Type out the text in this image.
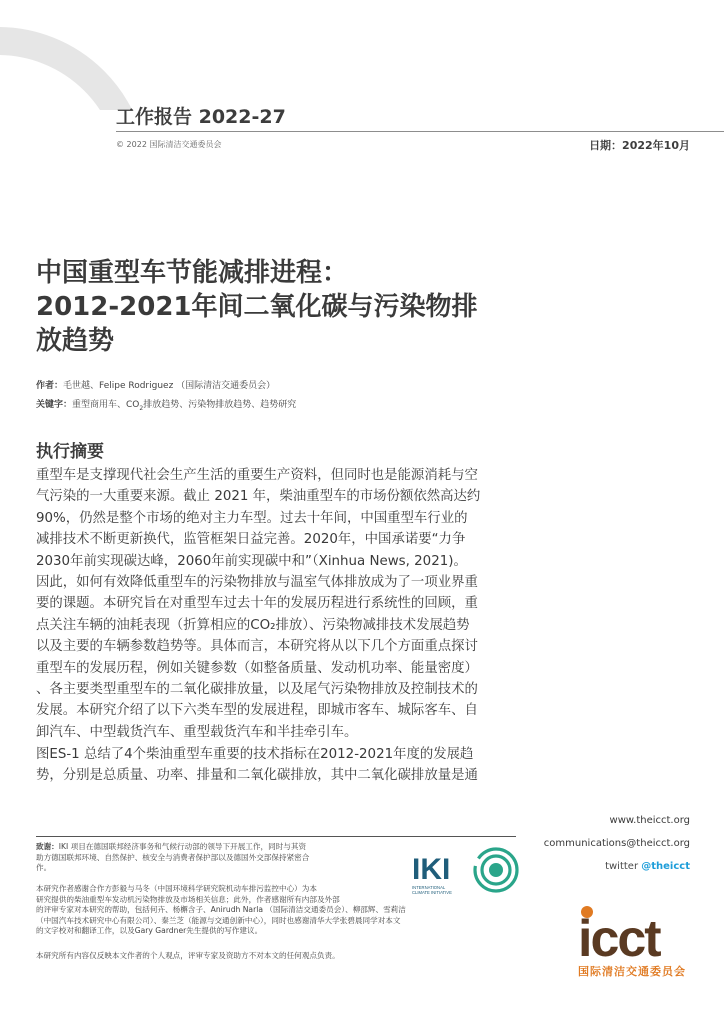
工作报告 2022-27
© 2022 国际清洁交通委员会	日期：2022年10月
中国重型车节能减排进程：
2012-2021年间二氧化碳与污染物排
放趋势
作者：毛世越、Felipe Rodriguez （国际清洁交通委员会）
关键字：重型商用车、$CO_2$排放趋势、污染物排放趋势、趋势研究
执行摘要
重型车是支撑现代社会生产生活的重要生产资料，但同时也是能源消耗与空
气污染的一大重要来源。截止 2021 年，柴油重型车的市场份额依然高达约
90%，仍然是整个市场的绝对主力车型。过去十年间，中国重型车行业的
减排技术不断更新换代，监管框架日益完善。2020年，中国承诺要“力争
2030年前实现碳达峰，2060年前实现碳中和”（Xinhua News, 2021)。
因此，如何有效降低重型车的污染物排放与温室气体排放成为了一项业界重
要的课题。本研究旨在对重型车过去十年的发展历程进行系统性的回顾，重
点关注车辆的油耗表现（折算相应的CO₂排放）、污染物减排技术发展趋势
以及主要的车辆参数趋势等。具体而言，本研究将从以下几个方面重点探讨
重型车的发展历程，例如关键参数（如整备质量、发动机功率、能量密度）
、各主要类型重型车的二氧化碳排放量，以及尾气污染物排放及控制技术的
发展。本研究介绍了以下六类车型的发展进程，即城市客车、城际客车、自
卸汽车、中型载货汽车、重型载货汽车和半挂牵引车。
图ES-1 总结了4个柴油重型车重要的技术指标在2012-2021年度的发展趋
势，分别是总质量、功率、排量和二氧化碳排放，其中二氧化碳排放量是通
www.theicct.org
communications@theicct.org
twitter @theicct
致谢：IKI 项目在德国联邦经济事务和气候行动部的领导下开展工作，同时与其资
助方德国联邦环境、自然保护、核安全与消费者保护部以及德国外交部保持紧密合
作。
本研究作者感谢合作方彭毅与马冬（中国环境科学研究院机动车排污监控中心）为本
研究提供的柴油重型车发动机污染物排放及市场相关信息；此外，作者感谢所有内部及外部
的评审专家对本研究的帮助，包括何卉、杨檞含子、Anirudh Narla （国际清洁交通委员会）、柳邵辉、雪莉洁
（中国汽车技术研究中心有限公司）、秦兰芝（能源与交通创新中心），同时也感谢清华大学张碧晨同学对本文
的文字校对和翻译工作，以及Gary Gardner先生提供的写作建议。
本研究所有内容仅反映本文作者的个人观点，评审专家及资助方不对本文的任何观点负责。
IKI
INTERNATIONAL
CLIMATE INITIATIVE
icct
国际清洁交通委员会
